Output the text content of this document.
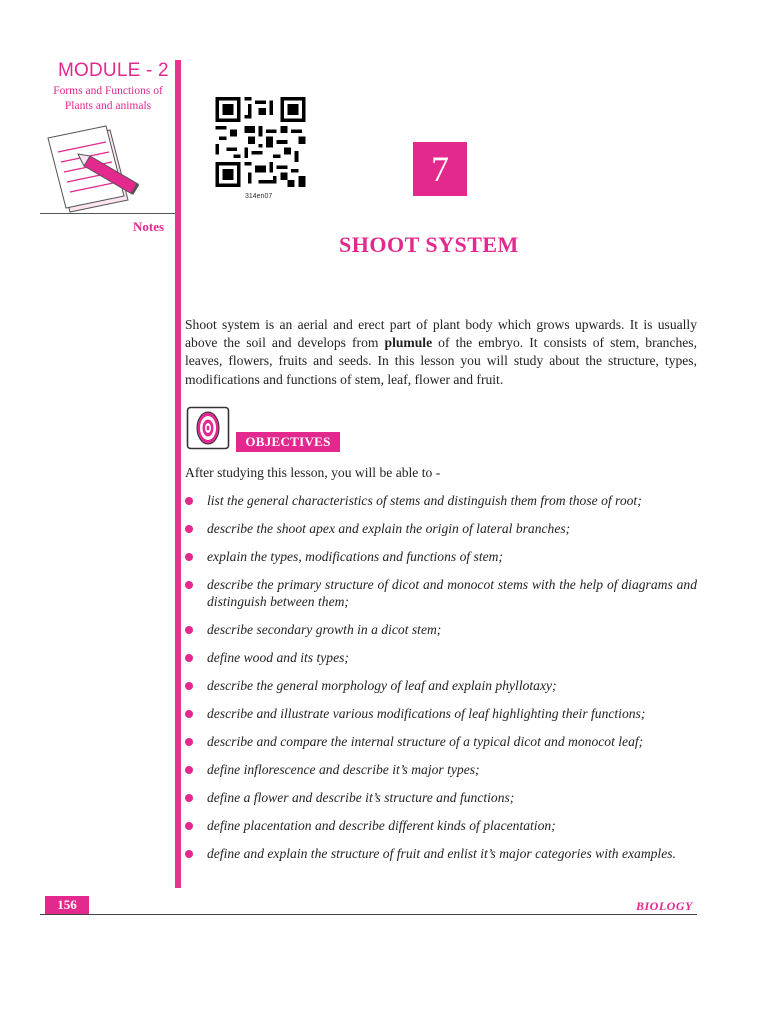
MODULE - 2
Forms and Functions of
Plants and animals
Notes
314en07
7
SHOOT SYSTEM
Shoot system is an aerial and erect part of plant body which grows upwards. It is usually above the soil and develops from plumule of the embryo. It consists of stem, branches, leaves, flowers, fruits and seeds. In this lesson you will study about the structure, types, modifications and functions of stem, leaf, flower and fruit.
OBJECTIVES
After studying this lesson, you will be able to -
list the general characteristics of stems and distinguish them from those of root;
describe the shoot apex and explain the origin of lateral branches;
explain the types, modifications and functions of stem;
describe the primary structure of dicot and monocot stems with the help of diagrams and distinguish between them;
describe secondary growth in a dicot stem;
define wood and its types;
describe the general morphology of leaf and explain phyllotaxy;
describe and illustrate various modifications of leaf highlighting their functions;
describe and compare the internal structure of a typical dicot and monocot leaf;
define inflorescence and describe it’s major types;
define a flower and describe it’s structure and functions;
define placentation and describe different kinds of placentation;
define and explain the structure of fruit and enlist it’s major categories with examples.
156	BIOLOGY
